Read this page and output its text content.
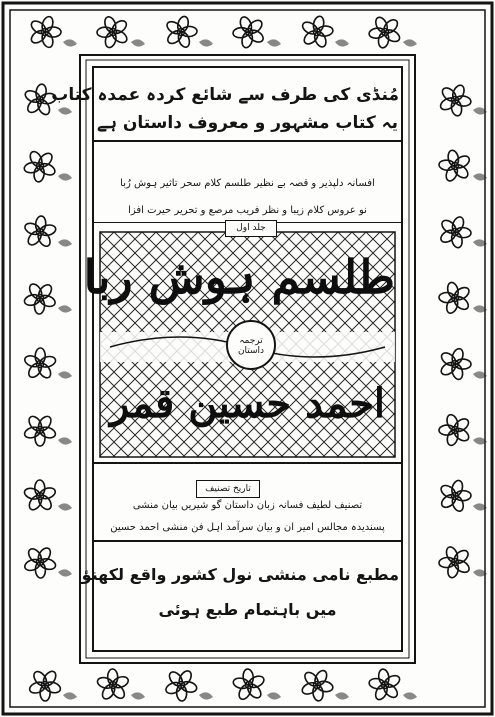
مُنڈی کی طرف سے شائع کردہ عمدہ کتاب
یہ کتاب مشہور و معروف داستان ہے
افسانہ دلپذیر و قصہ بے نظیر طلسم کلام سحر تاثیر ہوش رُبا
نو عروس کلام زیبا و نظر فریب مرصع و تحریر حیرت افزا
جلد اول
طلسم ہوش ربا
احمد حسین قمر
ترجمہ داستان
تاریخ تصنیف
تصنیف لطیف فسانہ زبان داستان گو شیریں بیان منشی
پسندیدہ مجالس امیر ان و بیان سرآمد اہل فن منشی احمد حسین
مطبع نامی منشی نول کشور واقع لکھنؤ
میں باہتمام طبع ہوئی
